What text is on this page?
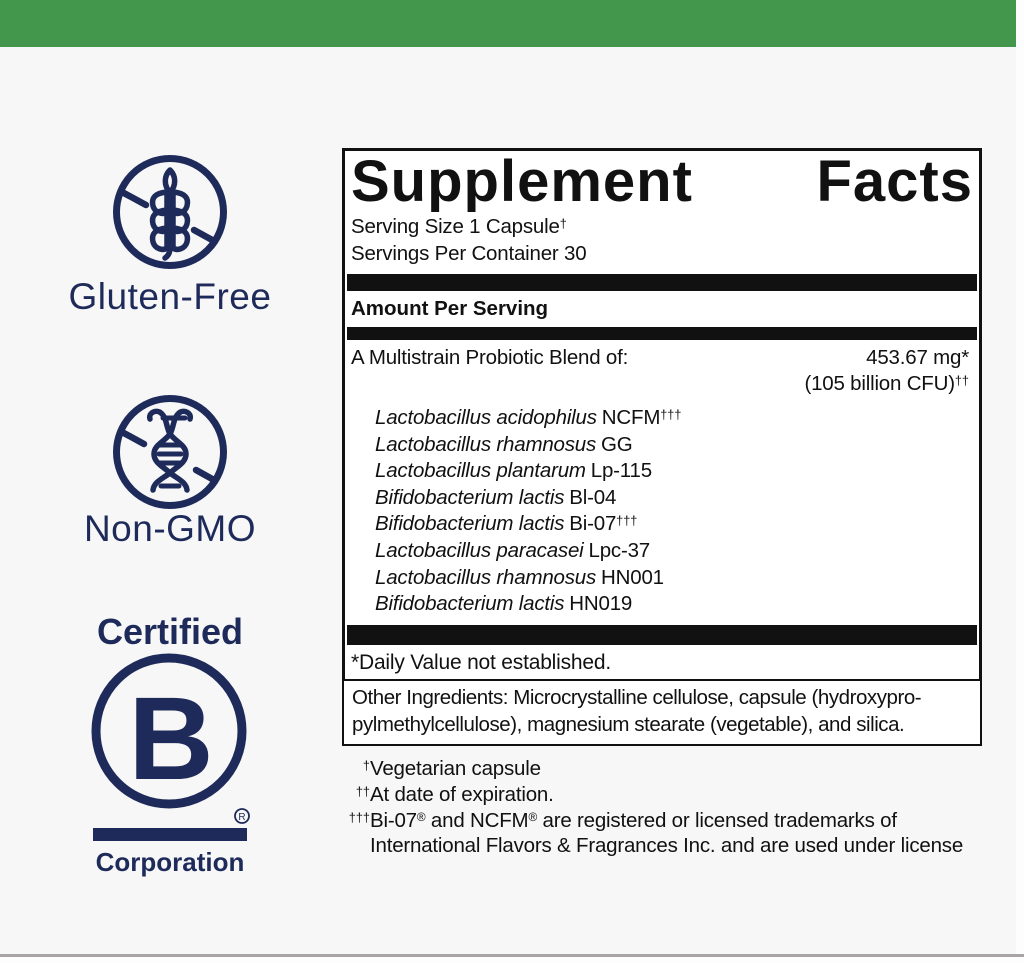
Gluten-Free
Non-GMO
Certified
B
R
Corporation
Supplement Facts
Serving Size 1 Capsule†
Servings Per Container 30
Amount Per Serving
A Multistrain Probiotic Blend of:	453.67 mg*
(105 billion CFU)††
Lactobacillus acidophilus NCFM†††
Lactobacillus rhamnosus GG
Lactobacillus plantarum Lp-115
Bifidobacterium lactis Bl-04
Bifidobacterium lactis Bi-07†††
Lactobacillus paracasei Lpc-37
Lactobacillus rhamnosus HN001
Bifidobacterium lactis HN019
*Daily Value not established.
Other Ingredients: Microcrystalline cellulose, capsule (hydroxypro-
pylmethylcellulose), magnesium stearate (vegetable), and silica.
† Vegetarian capsule
†† At date of expiration.
††† Bi-07® and NCFM® are registered or licensed trademarks of
International Flavors & Fragrances Inc. and are used under license
